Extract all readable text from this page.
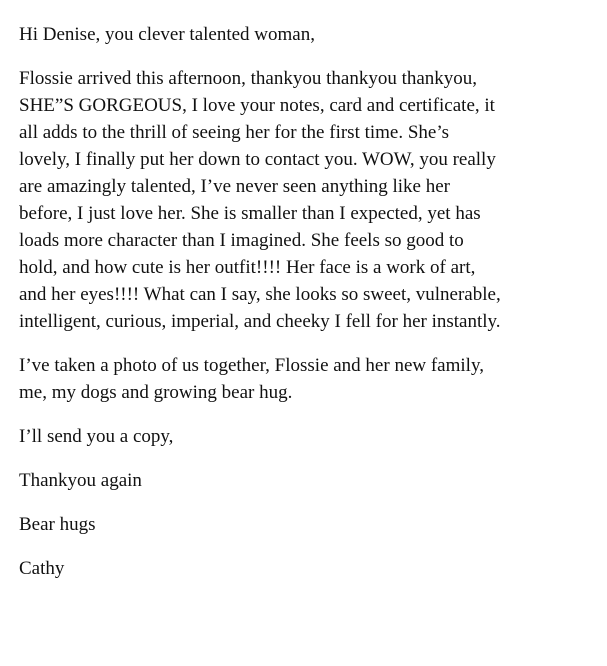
Hi Denise, you clever talented woman,

Flossie arrived this afternoon, thankyou thankyou thankyou,
SHE”S GORGEOUS, I love your notes, card and certificate, it
all adds to the thrill of seeing her for the first time. She’s
lovely, I finally put her down to contact you. WOW, you really
are amazingly talented, I’ve never seen anything like her
before, I just love her. She is smaller than I expected, yet has
loads more character than I imagined. She feels so good to
hold, and how cute is her outfit!!!! Her face is a work of art,
and her eyes!!!! What can I say, she looks so sweet, vulnerable,
intelligent, curious, imperial, and cheeky I fell for her instantly.

I’ve taken a photo of us together, Flossie and her new family,
me, my dogs and growing bear hug.

I’ll send you a copy,

Thankyou again

Bear hugs

Cathy
